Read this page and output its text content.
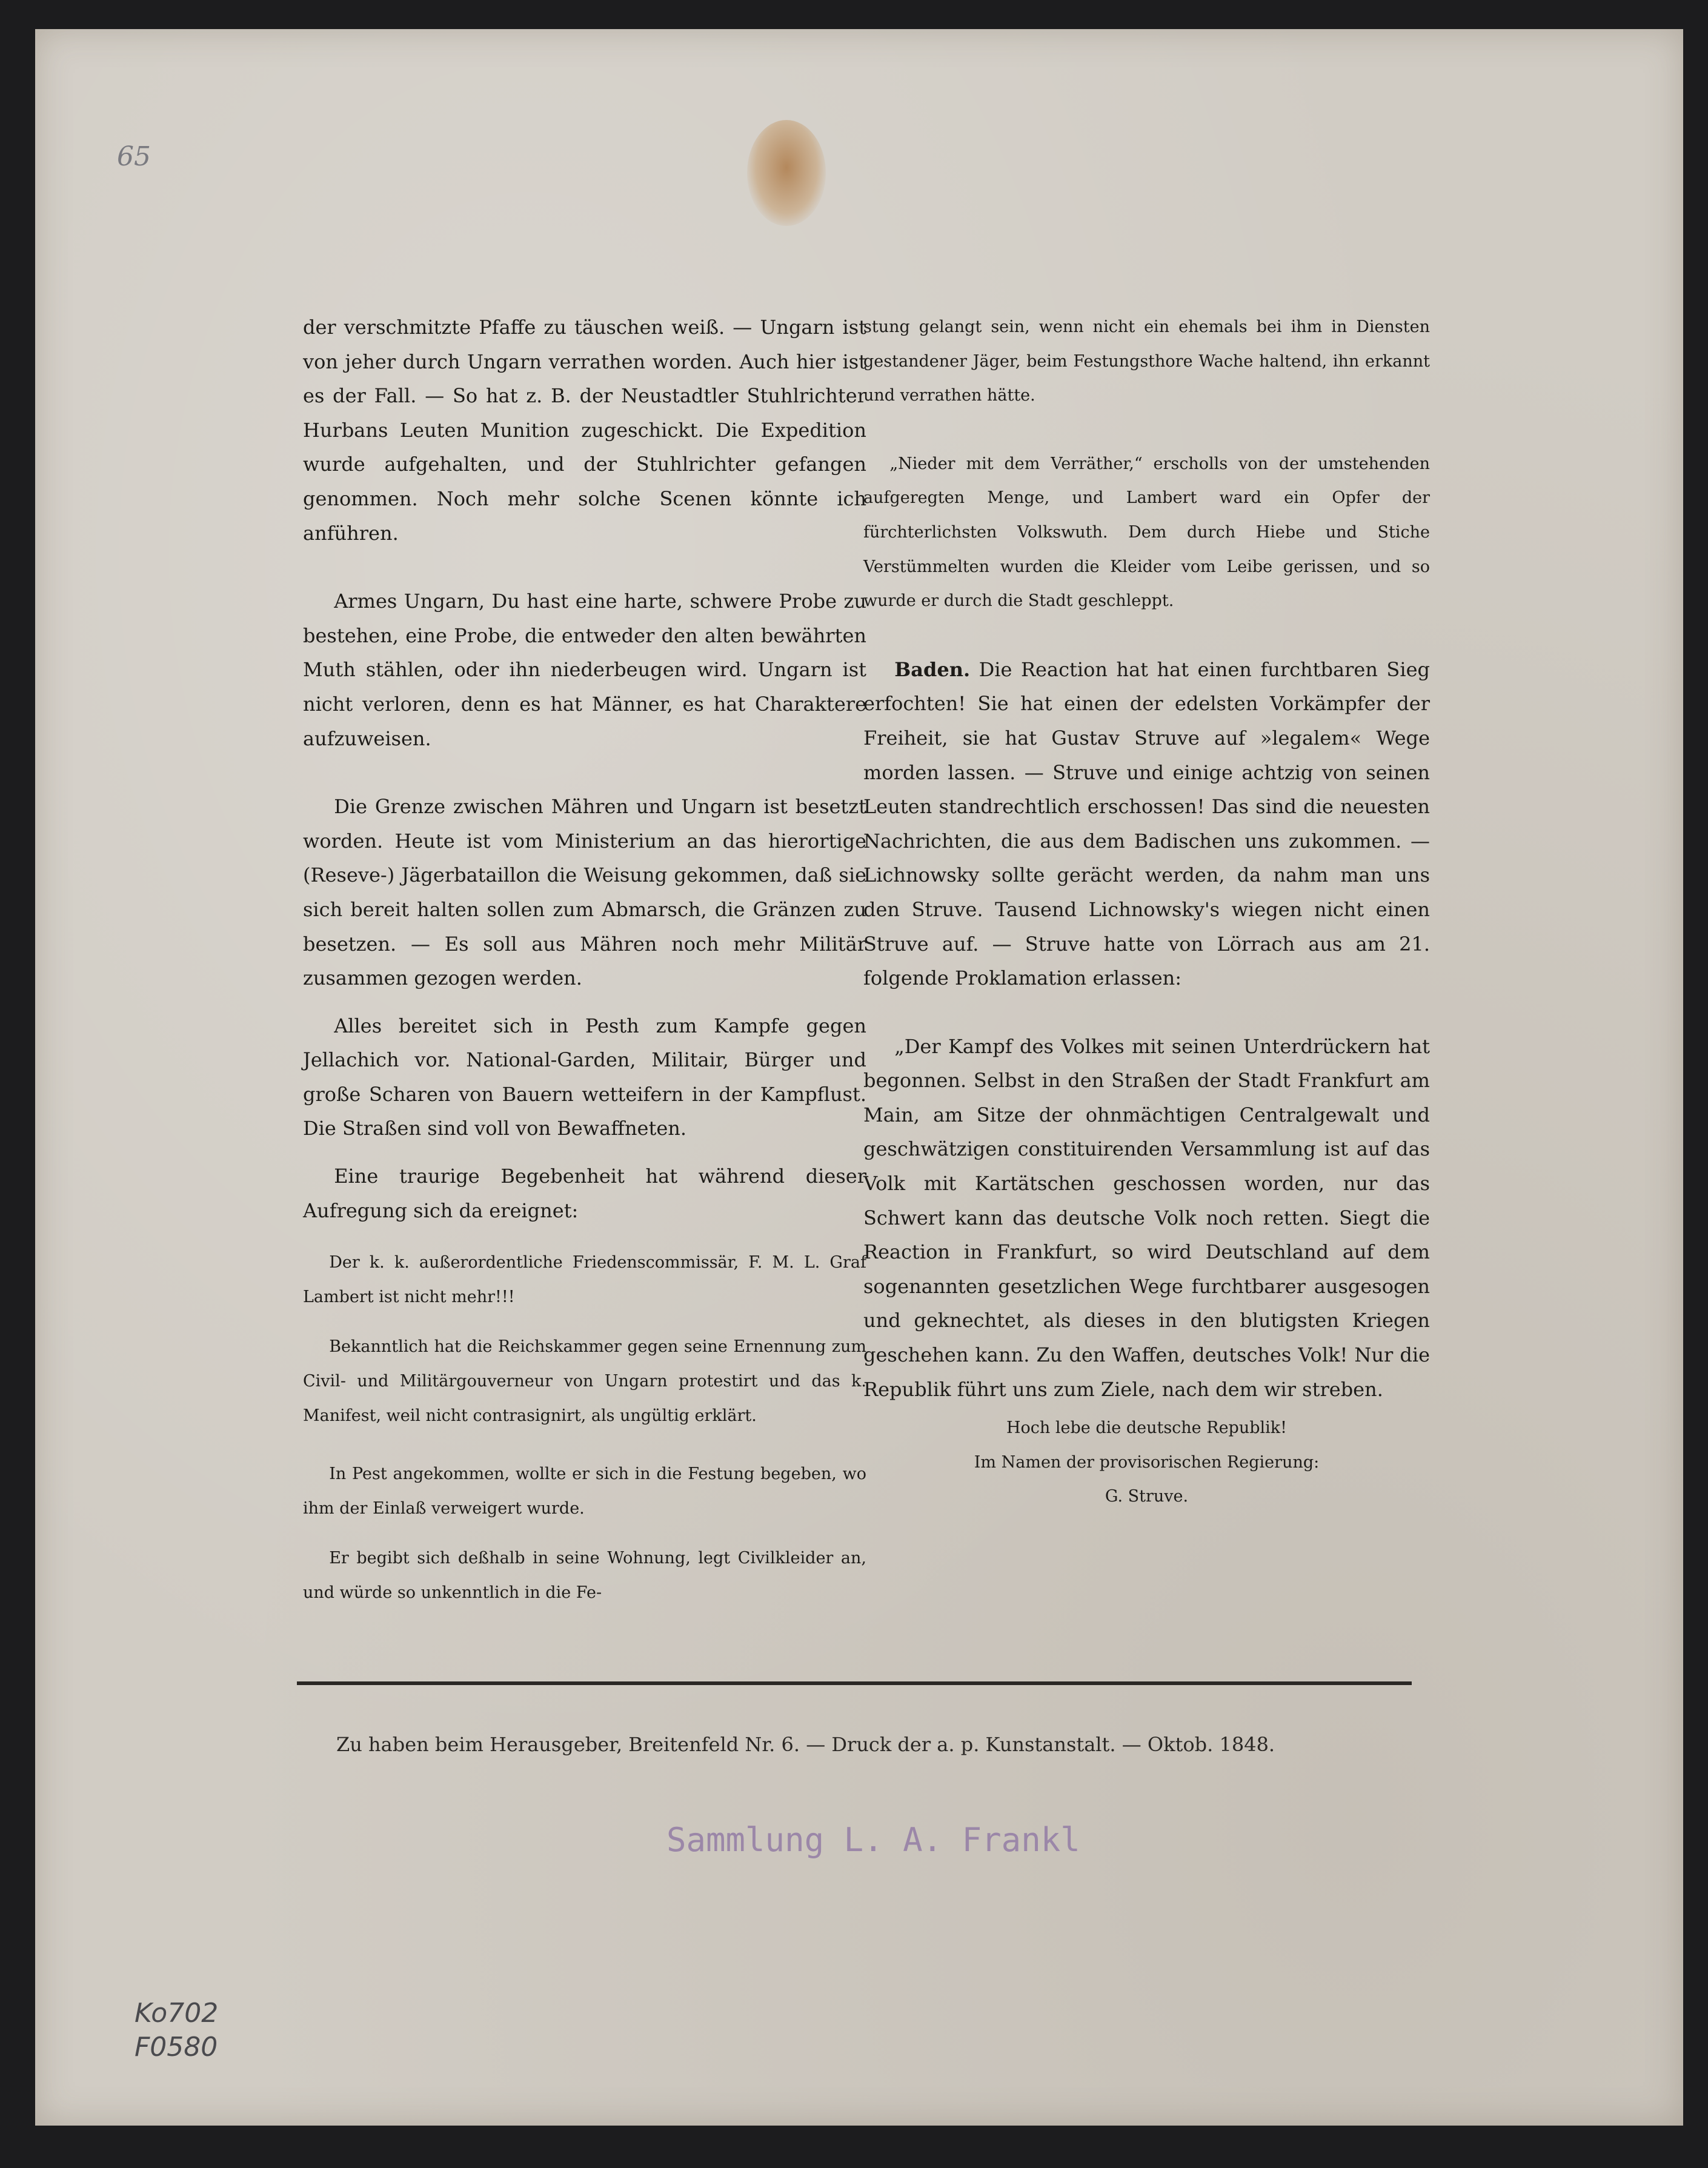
65

der verschmitzte Pfaffe zu täuschen weiß. — Ungarn ist von jeher durch Ungarn verrathen worden. Auch hier ist es der Fall. — So hat z. B. der Neustadtler Stuhlrichter Hurbans Leuten Munition zugeschickt. Die Expedition wurde aufgehalten, und der Stuhlrichter gefangen genommen. Noch mehr solche Scenen könnte ich anführen.

Armes Ungarn, Du hast eine harte, schwere Probe zu bestehen, eine Probe, die entweder den alten bewährten Muth stählen, oder ihn niederbeugen wird. Ungarn ist nicht verloren, denn es hat Männer, es hat Charaktere aufzuweisen.

Die Grenze zwischen Mähren und Ungarn ist besetzt worden. Heute ist vom Ministerium an das hierortige (Reseve-) Jägerbataillon die Weisung gekommen, daß sie sich bereit halten sollen zum Abmarsch, die Gränzen zu besetzen. — Es soll aus Mähren noch mehr Militär zusammen gezogen werden.

Alles bereitet sich in Pesth zum Kampfe gegen Jellachich vor. National-Garden, Militair, Bürger und große Scharen von Bauern wetteifern in der Kampflust. Die Straßen sind voll von Bewaffneten.

Eine traurige Begebenheit hat während dieser Aufregung sich da ereignet:

Der k. k. außerordentliche Friedenscommissär, F. M. L. Graf Lambert ist nicht mehr!!!

Bekanntlich hat die Reichskammer gegen seine Ernennung zum Civil- und Militärgouverneur von Ungarn protestirt und das k. Manifest, weil nicht contrasignirt, als ungültig erklärt.

In Pest angekommen, wollte er sich in die Festung begeben, wo ihm der Einlaß verweigert wurde.

Er begibt sich deßhalb in seine Wohnung, legt Civilkleider an, und würde so unkenntlich in die Fe-

stung gelangt sein, wenn nicht ein ehemals bei ihm in Diensten gestandener Jäger, beim Festungsthore Wache haltend, ihn erkannt und verrathen hätte.

„Nieder mit dem Verräther,“ erscholls von der umstehenden aufgeregten Menge, und Lambert ward ein Opfer der fürchterlichsten Volkswuth. Dem durch Hiebe und Stiche Verstümmelten wurden die Kleider vom Leibe gerissen, und so wurde er durch die Stadt geschleppt.

Baden. Die Reaction hat hat einen furchtbaren Sieg erfochten! Sie hat einen der edelsten Vorkämpfer der Freiheit, sie hat Gustav Struve auf »legalem« Wege morden lassen. — Struve und einige achtzig von seinen Leuten standrechtlich erschossen! Das sind die neuesten Nachrichten, die aus dem Badischen uns zukommen. — Lichnowsky sollte gerächt werden, da nahm man uns den Struve. Tausend Lichnowsky's wiegen nicht einen Struve auf. — Struve hatte von Lörrach aus am 21. folgende Proklamation erlassen:

„Der Kampf des Volkes mit seinen Unterdrückern hat begonnen. Selbst in den Straßen der Stadt Frankfurt am Main, am Sitze der ohnmächtigen Centralgewalt und geschwätzigen constituirenden Versammlung ist auf das Volk mit Kartätschen geschossen worden, nur das Schwert kann das deutsche Volk noch retten. Siegt die Reaction in Frankfurt, so wird Deutschland auf dem sogenannten gesetzlichen Wege furchtbarer ausgesogen und geknechtet, als dieses in den blutigsten Kriegen geschehen kann. Zu den Waffen, deutsches Volk! Nur die Republik führt uns zum Ziele, nach dem wir streben.

Hoch lebe die deutsche Republik!

Im Namen der provisorischen Regierung:

G. Struve.

Zu haben beim Herausgeber, Breitenfeld Nr. 6. — Druck der a. p. Kunstanstalt. — Oktob. 1848.
Sammlung L. A. Frankl
Ko702
F0580
